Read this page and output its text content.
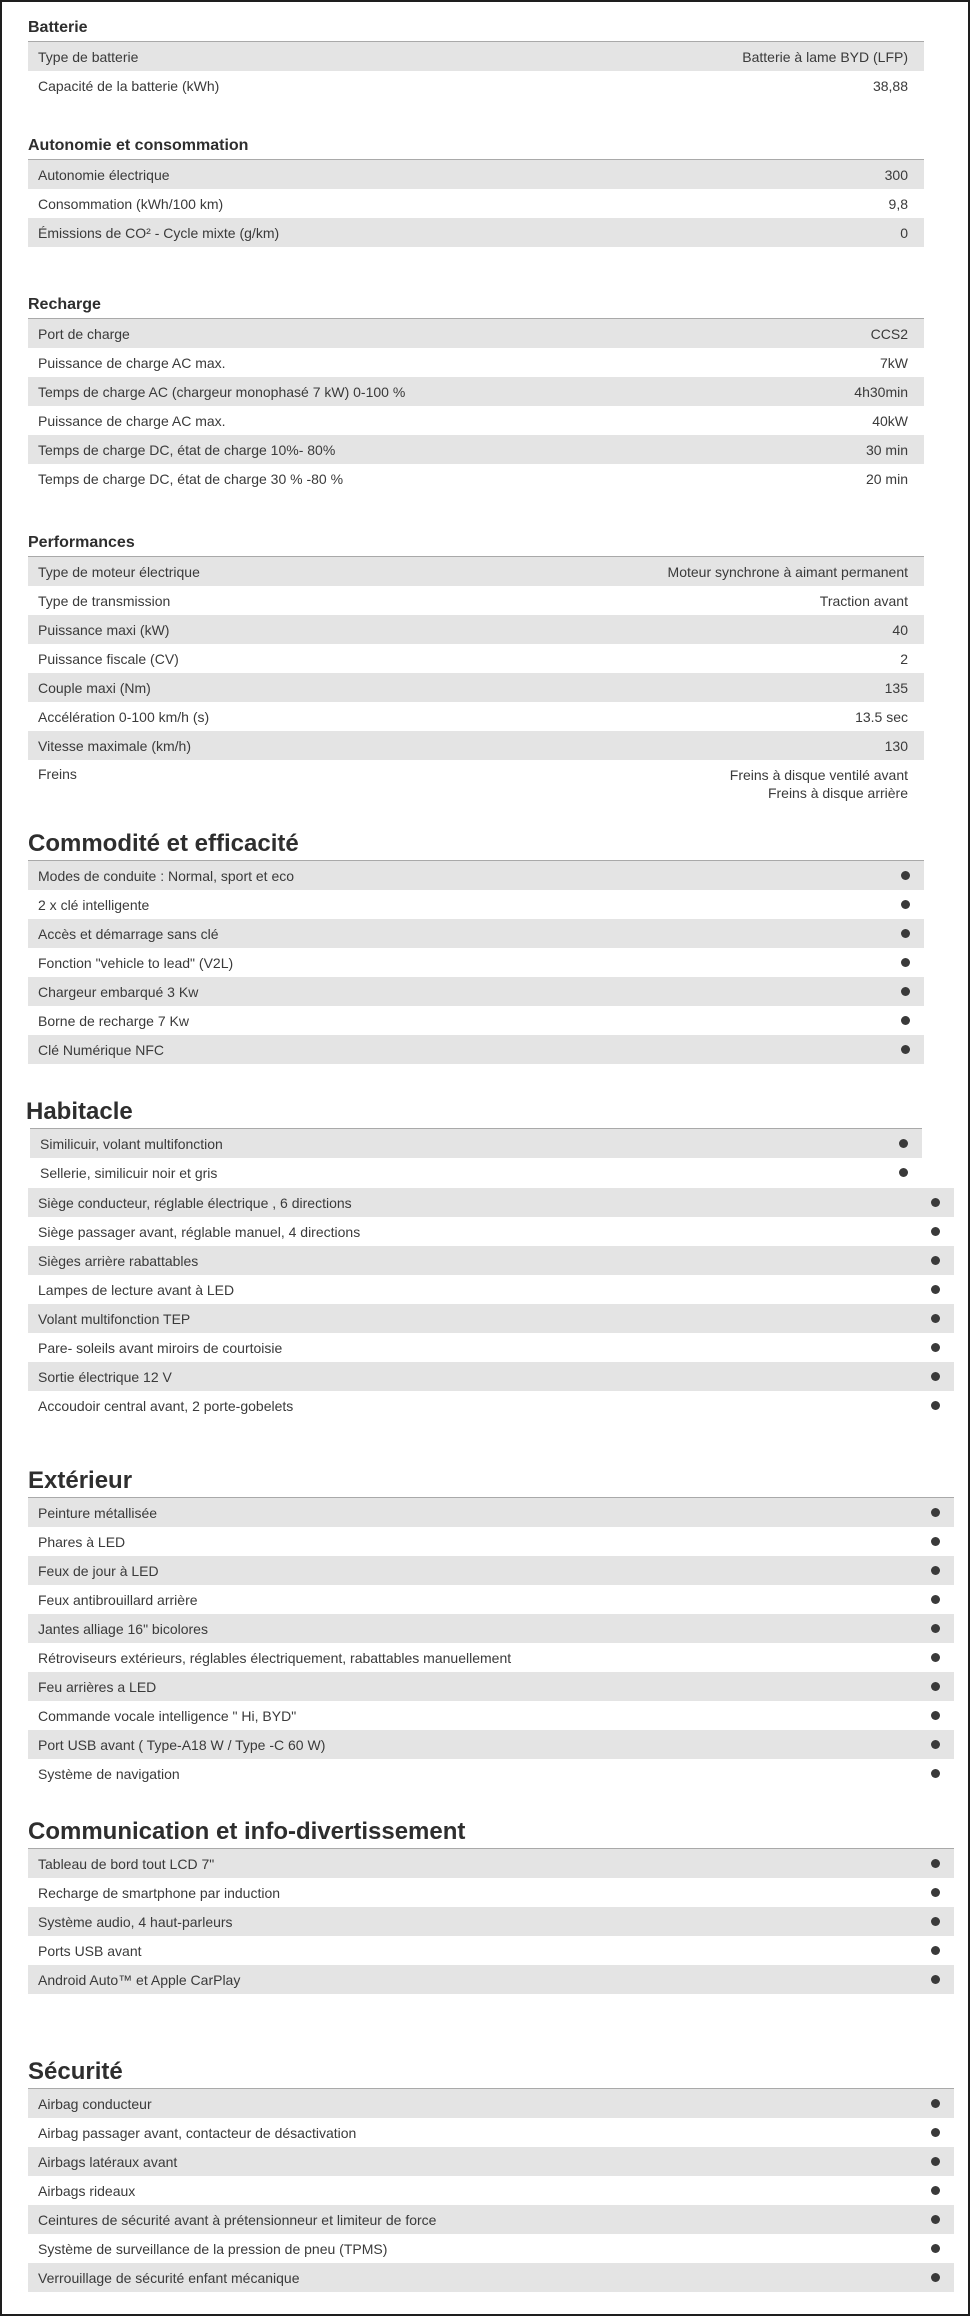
Batterie
Type de batterie	Batterie à lame BYD (LFP)
Capacité de la batterie (kWh)	38,88
Autonomie et consommation
Autonomie électrique	300
Consommation (kWh/100 km)	9,8
Émissions de CO² - Cycle mixte (g/km)	0
Recharge
Port de charge	CCS2
Puissance de charge AC max.	7kW
Temps de charge AC (chargeur monophasé 7 kW) 0-100 %	4h30min
Puissance de charge AC max.	40kW
Temps de charge DC, état de charge 10%- 80%	30 min
Temps de charge DC, état de charge 30 % -80 %	20 min
Performances
Type de moteur électrique	Moteur synchrone à aimant permanent
Type de transmission	Traction avant
Puissance maxi (kW)	40
Puissance fiscale (CV)	2
Couple maxi (Nm)	135
Accélération 0-100 km/h (s)	13.5 sec
Vitesse maximale (km/h)	130
Freins	Freins à disque ventilé avant
Freins à disque arrière
Commodité et efficacité
Modes de conduite : Normal, sport et eco
2 x clé intelligente
Accès et démarrage sans clé
Fonction "vehicle to lead" (V2L)
Chargeur embarqué 3 Kw
Borne de recharge 7 Kw
Clé Numérique NFC
Habitacle
Similicuir, volant multifonction
Sellerie, similicuir noir et gris
Siège conducteur, réglable électrique , 6 directions
Siège passager avant, réglable manuel, 4 directions
Sièges arrière rabattables
Lampes de lecture avant à LED
Volant multifonction TEP
Pare- soleils avant miroirs de courtoisie
Sortie électrique 12 V
Accoudoir central avant, 2 porte-gobelets
Extérieur
Peinture métallisée
Phares à LED
Feux de jour à LED
Feux antibrouillard arrière
Jantes alliage 16" bicolores
Rétroviseurs extérieurs, réglables électriquement, rabattables manuellement
Feu arrières a LED
Commande vocale intelligence " Hi, BYD"
Port USB avant ( Type-A18 W / Type -C 60 W)
Système de navigation
Communication et info-divertissement
Tableau de bord tout LCD 7"
Recharge de smartphone par induction
Système audio, 4 haut-parleurs
Ports USB avant
Android Auto™ et Apple CarPlay
Sécurité
Airbag conducteur
Airbag passager avant, contacteur de désactivation
Airbags latéraux avant
Airbags rideaux
Ceintures de sécurité avant à prétensionneur et limiteur de force
Système de surveillance de la pression de pneu (TPMS)
Verrouillage de sécurité enfant mécanique
